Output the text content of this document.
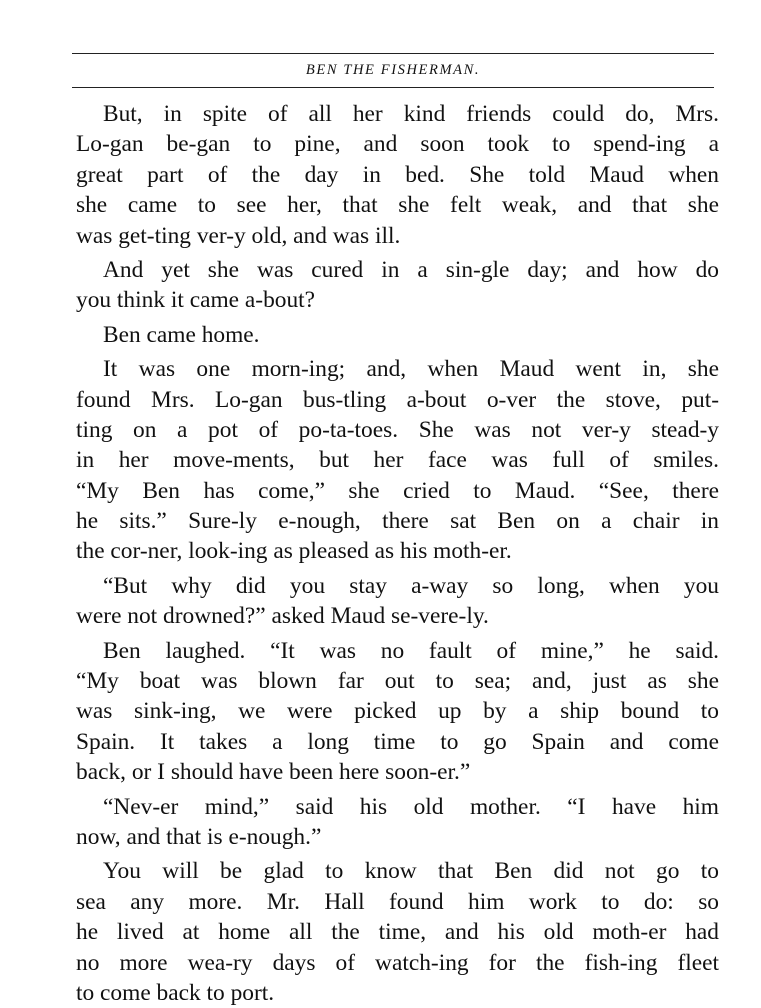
BEN THE FISHERMAN.
But, in spite of all her kind friends could do, Mrs.
Lo-gan be-gan to pine, and soon took to spend-ing a
great part of the day in bed. She told Maud when
she came to see her, that she felt weak, and that she
was get-ting ver-y old, and was ill.
And yet she was cured in a sin-gle day; and how do
you think it came a-bout?
Ben came home.
It was one morn-ing; and, when Maud went in, she
found Mrs. Lo-gan bus-tling a-bout o-ver the stove, put-
ting on a pot of po-ta-toes. She was not ver-y stead-y
in her move-ments, but her face was full of smiles.
“My Ben has come,” she cried to Maud. “See, there
he sits.” Sure-ly e-nough, there sat Ben on a chair in
the cor-ner, look-ing as pleased as his moth-er.
“But why did you stay a-way so long, when you
were not drowned?” asked Maud se-vere-ly.
Ben laughed. “It was no fault of mine,” he said.
“My boat was blown far out to sea; and, just as she
was sink-ing, we were picked up by a ship bound to
Spain. It takes a long time to go Spain and come
back, or I should have been here soon-er.”
“Nev-er mind,” said his old mother. “I have him
now, and that is e-nough.”
You will be glad to know that Ben did not go to
sea any more. Mr. Hall found him work to do: so
he lived at home all the time, and his old moth-er had
no more wea-ry days of watch-ing for the fish-ing fleet
to come back to port.
